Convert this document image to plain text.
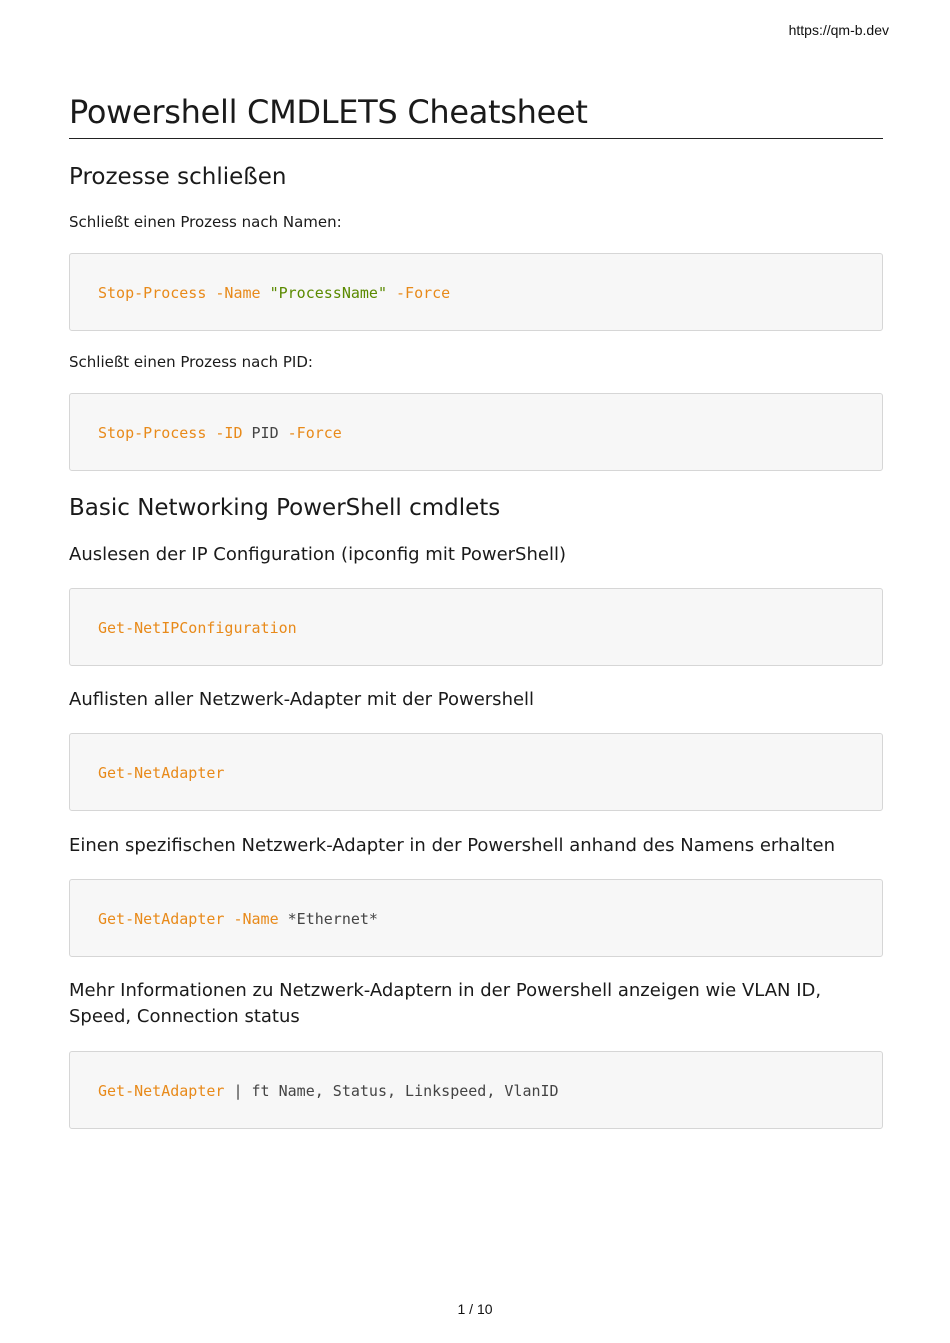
https://qm-b.dev
Powershell CMDLETS Cheatsheet
Prozesse schließen

Schließt einen Prozess nach Namen:

Stop-Process -Name "ProcessName" -Force

Schließt einen Prozess nach PID:

Stop-Process -ID PID -Force
Basic Networking PowerShell cmdlets
Auslesen der IP Configuration (ipconfig mit PowerShell)
Get-NetIPConfiguration
Auflisten aller Netzwerk-Adapter mit der Powershell
Get-NetAdapter
Einen spezifischen Netzwerk-Adapter in der Powershell anhand des Namens erhalten
Get-NetAdapter -Name *Ethernet*
Mehr Informationen zu Netzwerk-Adaptern in der Powershell anzeigen wie VLAN ID, Speed, Connection status
Get-NetAdapter | ft Name, Status, Linkspeed, VlanID
1 / 10
